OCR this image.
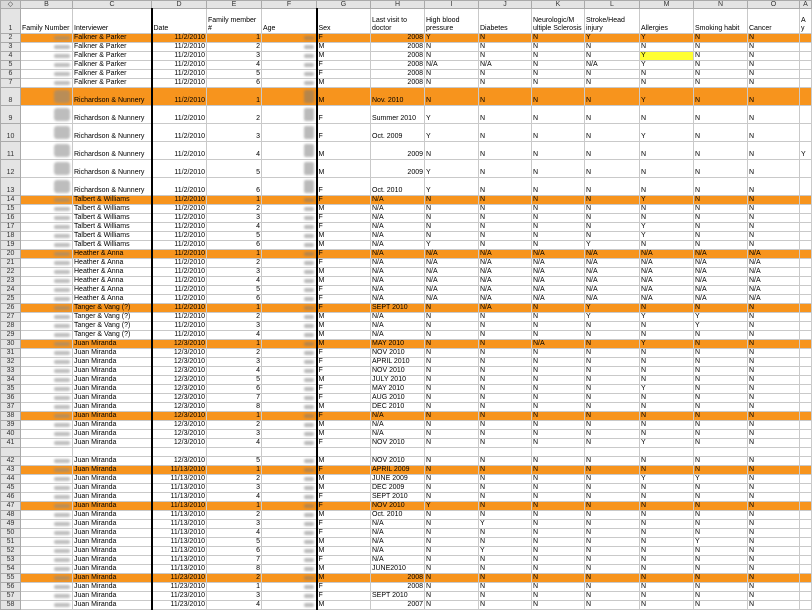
◇	B	C	D	E	F	G	H	I	J	K	L	M	N	O	A
1	Family Number	Interviewer	Date	Family member #	Age	Sex	Last visit to doctor	High blood pressure	Diabetes	Neurologic/M ultiple Sclerosis	Stroke/Head injury	Allergies	Smoking habit	Cancer	A y
2		Falkner & Parker	11/2/2010	1		F	2008	Y	N	N	Y	Y	N	N	
3		Falkner & Parker	11/2/2010	2		M	2008	N	N	N	N	N	N	N	
4		Falkner & Parker	11/2/2010	3		M	2008	N	N	N	N	Y	N	N	
5		Falkner & Parker	11/2/2010	4		F	2008	N/A	N/A	N	N/A	Y	N	N	
6		Falkner & Parker	11/2/2010	5		F	2008	N	N	N	N	N	N	N	
7		Falkner & Parker	11/2/2010	6		M	2008	N	N	N	N	N	N	N	
8		Richardson & Nunnery	11/2/2010	1		M	Nov. 2010	N	N	N	N	Y	N	N	
9		Richardson & Nunnery	11/2/2010	2		F	Summer 2010	Y	N	N	N	N	N	N	
10		Richardson & Nunnery	11/2/2010	3		F	Oct. 2009	Y	N	N	N	Y	N	N	
11		Richardson & Nunnery	11/2/2010	4		M	2009	N	N	N	N	N	N	N	Y
12		Richardson & Nunnery	11/2/2010	5		M	2009	Y	N	N	N	N	N	N	
13		Richardson & Nunnery	11/2/2010	6		F	Oct. 2010	Y	N	N	N	N	N	N	
14		Talbert & Williams	11/2/2010	1		F	N/A	N	N	N	N	Y	N	N	
15		Talbert & Williams	11/2/2010	2		M	N/A	N	N	N	N	N	N	N	
16		Talbert & Williams	11/2/2010	3		F	N/A	N	N	N	N	N	N	N	
17		Talbert & Williams	11/2/2010	4		F	N/A	N	N	N	N	Y	N	N	
18		Talbert & Williams	11/2/2010	5		M	N/A	N	N	N	N	Y	N	N	
19		Talbert & Williams	11/2/2010	6		M	N/A	Y	N	N	Y	N	N	N	
20		Heather & Anna	11/2/2010	1		F	N/A	N/A	N/A	N/A	N/A	N/A	N/A	N/A	
21		Heather & Anna	11/2/2010	2		F	N/A	N/A	N/A	N/A	N/A	N/A	N/A	N/A	
22		Heather & Anna	11/2/2010	3		M	N/A	N/A	N/A	N/A	N/A	N/A	N/A	N/A	
23		Heather & Anna	11/2/2010	4		M	N/A	N/A	N/A	N/A	N/A	N/A	N/A	N/A	
24		Heather & Anna	11/2/2010	5		F	N/A	N/A	N/A	N/A	N/A	N/A	N/A	N/A	
25		Heather & Anna	11/2/2010	6		F	N/A	N/A	N/A	N/A	N/A	N/A	N/A	N/A	
26		Tanger & Vang (?)	11/2/2010	1		F	SEPT 2010	N	N/A	N	Y	N	N	N	
27		Tanger & Vang (?)	11/2/2010	2		M	N/A	N	N	N	Y	Y	Y	N	
28		Tanger & Vang (?)	11/2/2010	3		M	N/A	N	N	N	N	N	Y	N	
29		Tanger & Vang (?)	11/2/2010	4		M	N/A	N	N	N	N	N	N	N	
30		Juan Miranda	12/3/2010	1		M	MAY 2010	N	N	N/A	N	Y	N	N	
31		Juan Miranda	12/3/2010	2		F	NOV 2010	N	N	N	N	N	N	N	
32		Juan Miranda	12/3/2010	3		F	APRIL 2010	N	N	N	N	N	N	N	
33		Juan Miranda	12/3/2010	4		F	NOV 2010	N	N	N	N	N	N	N	
34		Juan Miranda	12/3/2010	5		M	JULY 2010	N	N	N	N	N	N	N	
35		Juan Miranda	12/3/2010	6		F	MAY 2010	N	N	N	N	Y	N	N	
36		Juan Miranda	12/3/2010	7		F	AUG 2010	N	N	N	N	N	N	N	
37		Juan Miranda	12/3/2010	8		M	DEC 2010	N	N	N	N	N	N	N	
38		Juan Miranda	12/3/2010	1		F	N/A	N	N	N	N	N	N	N	
39		Juan Miranda	12/3/2010	2		M	N/A	N	N	N	N	N	N	N	
40		Juan Miranda	12/3/2010	3		M	N/A	N	N	N	N	N	N	N	
41		Juan Miranda	12/3/2010	4		F	NOV 2010	N	N	N	N	Y	N	N	

42		Juan Miranda	12/3/2010	5		M	NOV 2010	N	N	N	N	N	N	N	
43		Juan Miranda	11/13/2010	1		F	APRIL 2009	N	N	N	N	N	N	N	
44		Juan Miranda	11/13/2010	2		M	JUNE 2009	N	N	N	N	Y	Y	N	
45		Juan Miranda	11/13/2010	3		M	DEC 2009	N	N	N	N	N	N	N	
46		Juan Miranda	11/13/2010	4		F	SEPT 2010	N	N	N	N	N	N	N	
47		Juan Miranda	11/13/2010	1		F	NOV 2010	Y	N	N	N	N	N	N	
48		Juan Miranda	11/13/2010	2		M	Oct. 2010	N	N	N	N	N	N	N	
49		Juan Miranda	11/13/2010	3		F	N/A	N	Y	N	N	N	N	N	
50		Juan Miranda	11/13/2010	4		F	N/A	N	N	N	N	N	N	N	
51		Juan Miranda	11/13/2010	5		M	N/A	N	N	N	N	N	Y	N	
52		Juan Miranda	11/13/2010	6		M	N/A	N	Y	N	N	N	N	N	
53		Juan Miranda	11/13/2010	7		F	N/A	N	N	N	N	N	N	N	
54		Juan Miranda	11/13/2010	8		M	JUNE2010	N	N	N	N	N	N	N	
55		Juan Miranda	11/23/2010	2		M	2008	N	N	N	N	N	N	N	
56		Juan Miranda	11/23/2010	1		F	2008	N	N	N	N	N	N	N	
57		Juan Miranda	11/23/2010	3		F	SEPT 2010	N	N	N	N	N	N	N	
58		Juan Miranda	11/23/2010	4		M	2007	N	N	N	N	N	N	N	
